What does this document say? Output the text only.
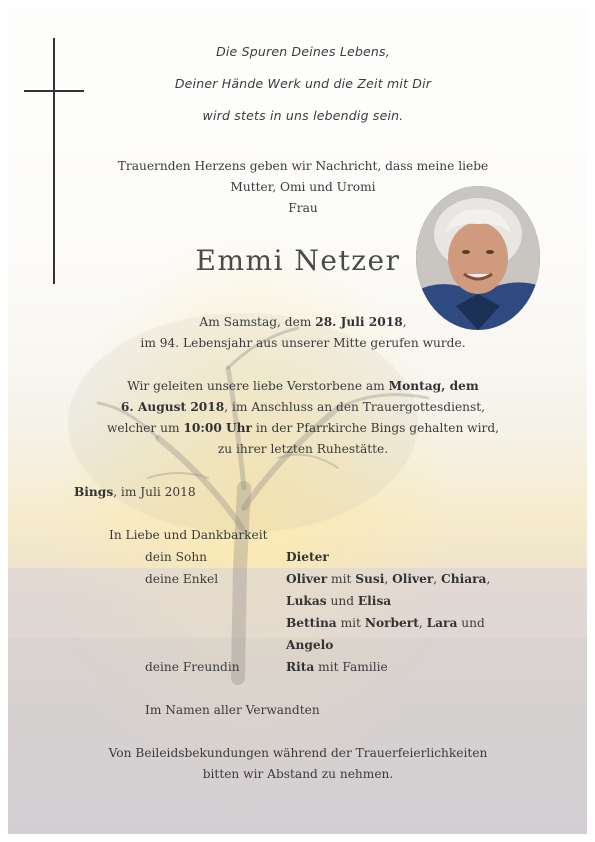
Die Spuren Deines Lebens,
Deiner Hände Werk und die Zeit mit Dir
wird stets in uns lebendig sein.
Trauernden Herzens geben wir Nachricht, dass meine liebe
Mutter, Omi und Uromi
Frau
Emmi Netzer
Am Samstag, dem 28. Juli 2018,
im 94. Lebensjahr aus unserer Mitte gerufen wurde.
Wir geleiten unsere liebe Verstorbene am Montag, dem
6. August 2018, im Anschluss an den Trauergottesdienst,
welcher um 10:00 Uhr in der Pfarrkirche Bings gehalten wird,
zu ihrer letzten Ruhestätte.
Bings, im Juli 2018
In Liebe und Dankbarkeit
dein Sohn	Dieter
deine Enkel	Oliver mit Susi, Oliver, Chiara,
Lukas und Elisa
Bettina mit Norbert, Lara und
Angelo
deine Freundin	Rita mit Familie
Im Namen aller Verwandten
Von Beileidsbekundungen während der Trauerfeierlichkeiten
bitten wir Abstand zu nehmen.
